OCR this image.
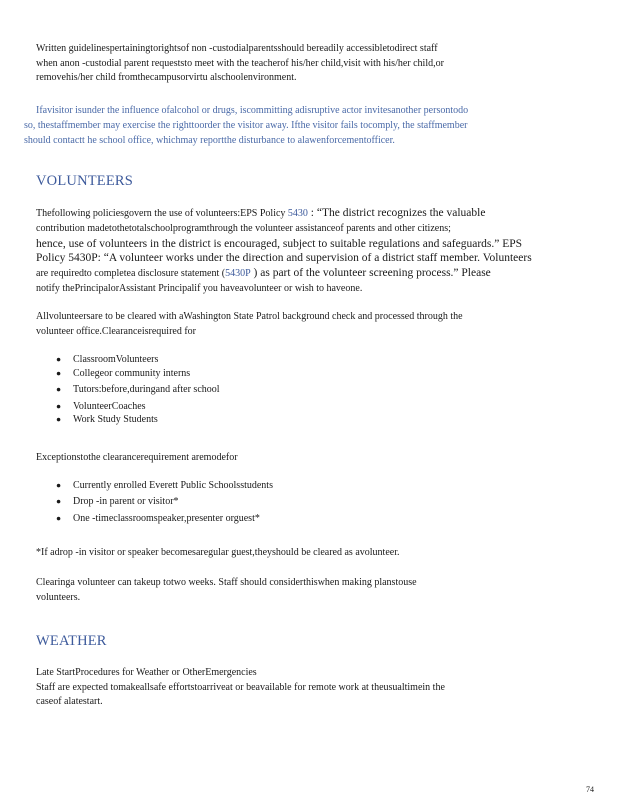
Written guidelinespertainingtorightsof non -custodialparentsshould bereadily accessibletodirect staff
when anon -custodial parent requeststo meet with the teacherof his/her child,visit with his/her child,or
removehis/her child fromthecampusorvirtu alschoolenvironment.
Ifavisitor isunder the influence ofalcohol or drugs, iscommitting adisruptive actor invitesanother persontodo
so, thestaffmember may exercise the righttoorder the visitor away. Ifthe visitor fails tocomply, the staffmember
should contactt he school office, whichmay reportthe disturbance to alawenforcementofficer.
VOLUNTEERS
Thefollowing policiesgovern the use of volunteers:EPS Policy 5430 : “The district recognizes the valuable
contribution madetothetotalschoolprogramthrough the volunteer assistanceof parents and other citizens;
hence, use of volunteers in the district is encouraged, subject to suitable regulations and safeguards.” EPS
Policy 5430P: “A volunteer works under the direction and supervision of a district staff member. Volunteers
are requiredto completea disclosure statement (5430P ) as part of the volunteer screening process.” Please
notify thePrincipalorAssistant Principalif you haveavolunteer or wish to haveone.
Allvolunteersare to be cleared with aWashington State Patrol background check and processed through the
volunteer office.Clearanceisrequired for
● ClassroomVolunteers
● Collegeor community interns
● Tutors:before,duringand after school
● VolunteerCoaches
● Work Study Students
Exceptionstothe clearancerequirement aremodefor
● Currently enrolled Everett Public Schoolsstudents
● Drop -in parent or visitor*
● One -timeclassroomspeaker,presenter orguest*
*If adrop -in visitor or speaker becomesaregular guest,theyshould be cleared as avolunteer.
Clearinga volunteer can takeup totwo weeks. Staff should considerthiswhen making planstouse
volunteers.
WEATHER
Late StartProcedures for Weather or OtherEmergencies
Staff are expected tomakeallsafe effortstoarriveat or beavailable for remote work at theusualtimein the
caseof alatestart.
74
